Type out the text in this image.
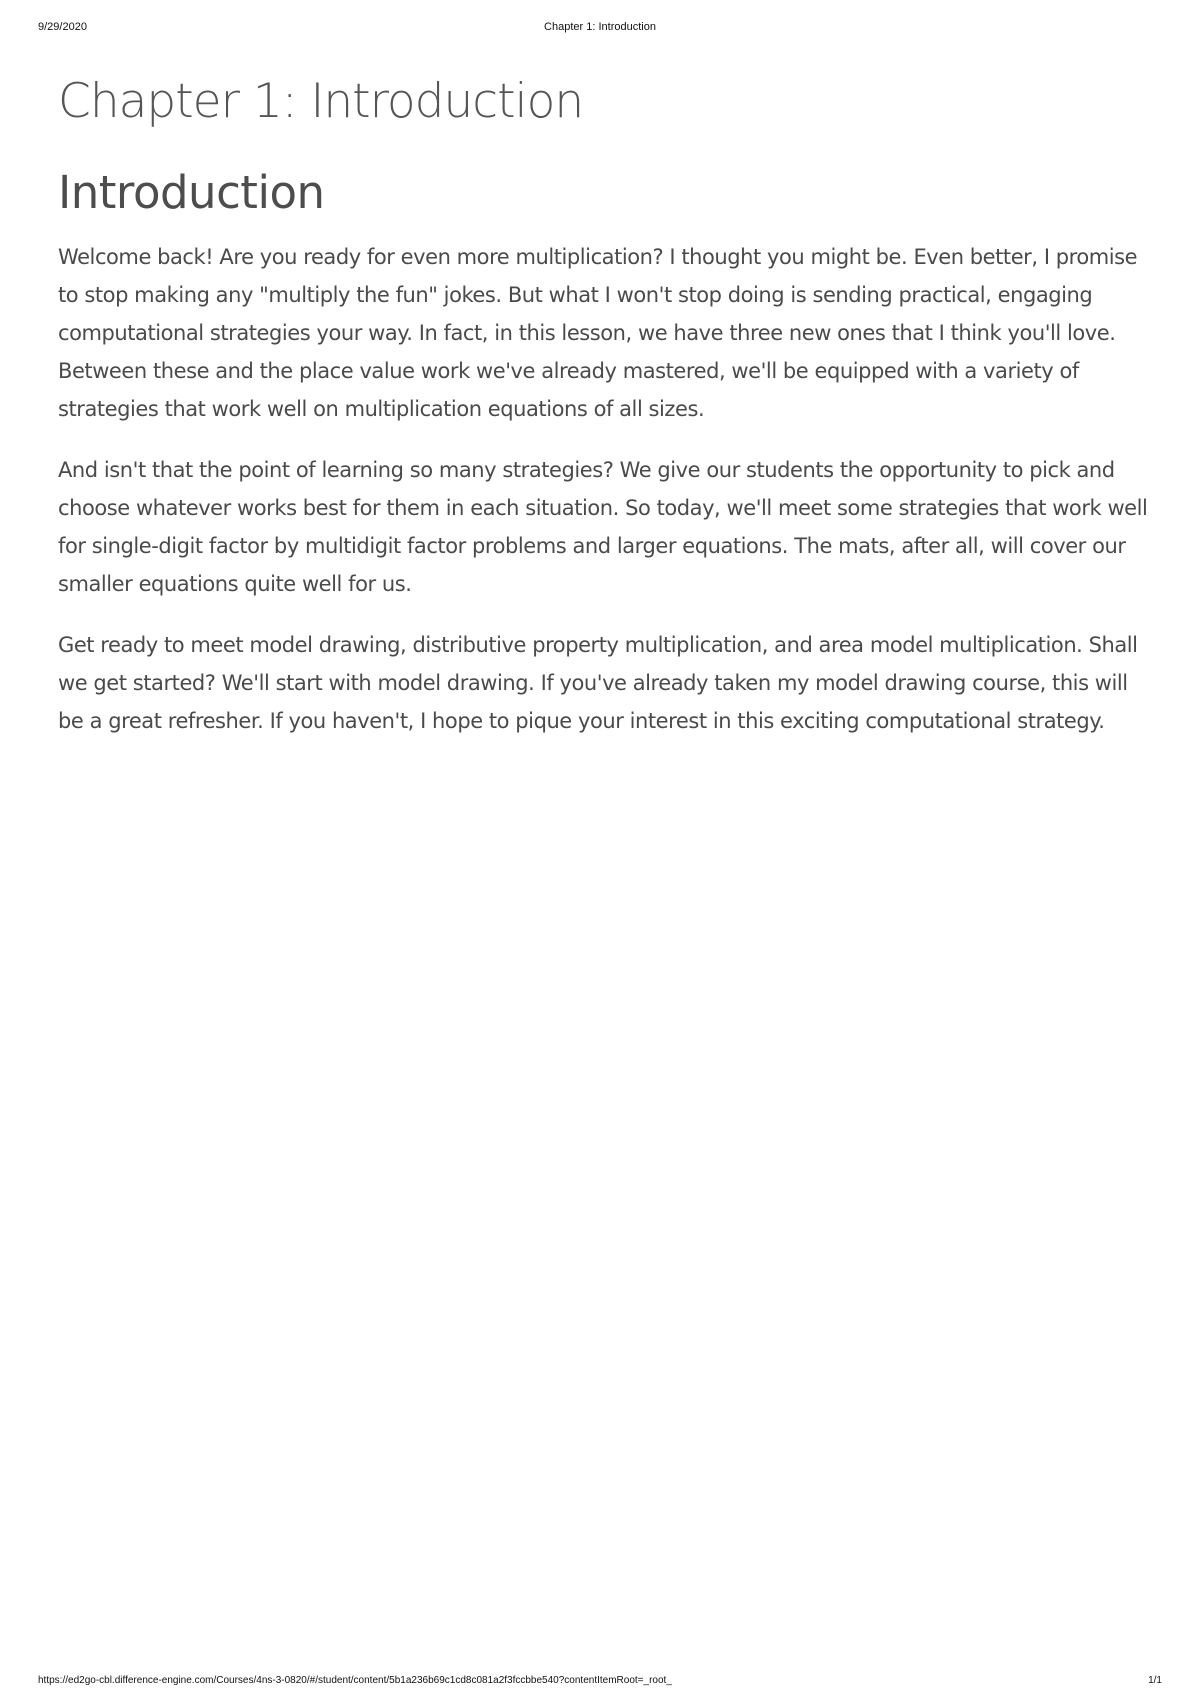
9/29/2020	Chapter 1: Introduction
Chapter 1: Introduction
Introduction

Welcome back! Are you ready for even more multiplication? I thought you might be. Even better, I promise to stop making any "multiply the fun" jokes. But what I won't stop doing is sending practical, engaging computational strategies your way. In fact, in this lesson, we have three new ones that I think you'll love. Between these and the place value work we've already mastered, we'll be equipped with a variety of strategies that work well on multiplication equations of all sizes.

And isn't that the point of learning so many strategies? We give our students the opportunity to pick and choose whatever works best for them in each situation. So today, we'll meet some strategies that work well for single-digit factor by multidigit factor problems and larger equations. The mats, after all, will cover our smaller equations quite well for us.

Get ready to meet model drawing, distributive property multiplication, and area model multiplication. Shall we get started? We'll start with model drawing. If you've already taken my model drawing course, this will be a great refresher. If you haven't, I hope to pique your interest in this exciting computational strategy.

https://ed2go-cbl.difference-engine.com/Courses/4ns-3-0820/#/student/content/5b1a236b69c1cd8c081a2f3fccbbe540?contentItemRoot=_root_	1/1
